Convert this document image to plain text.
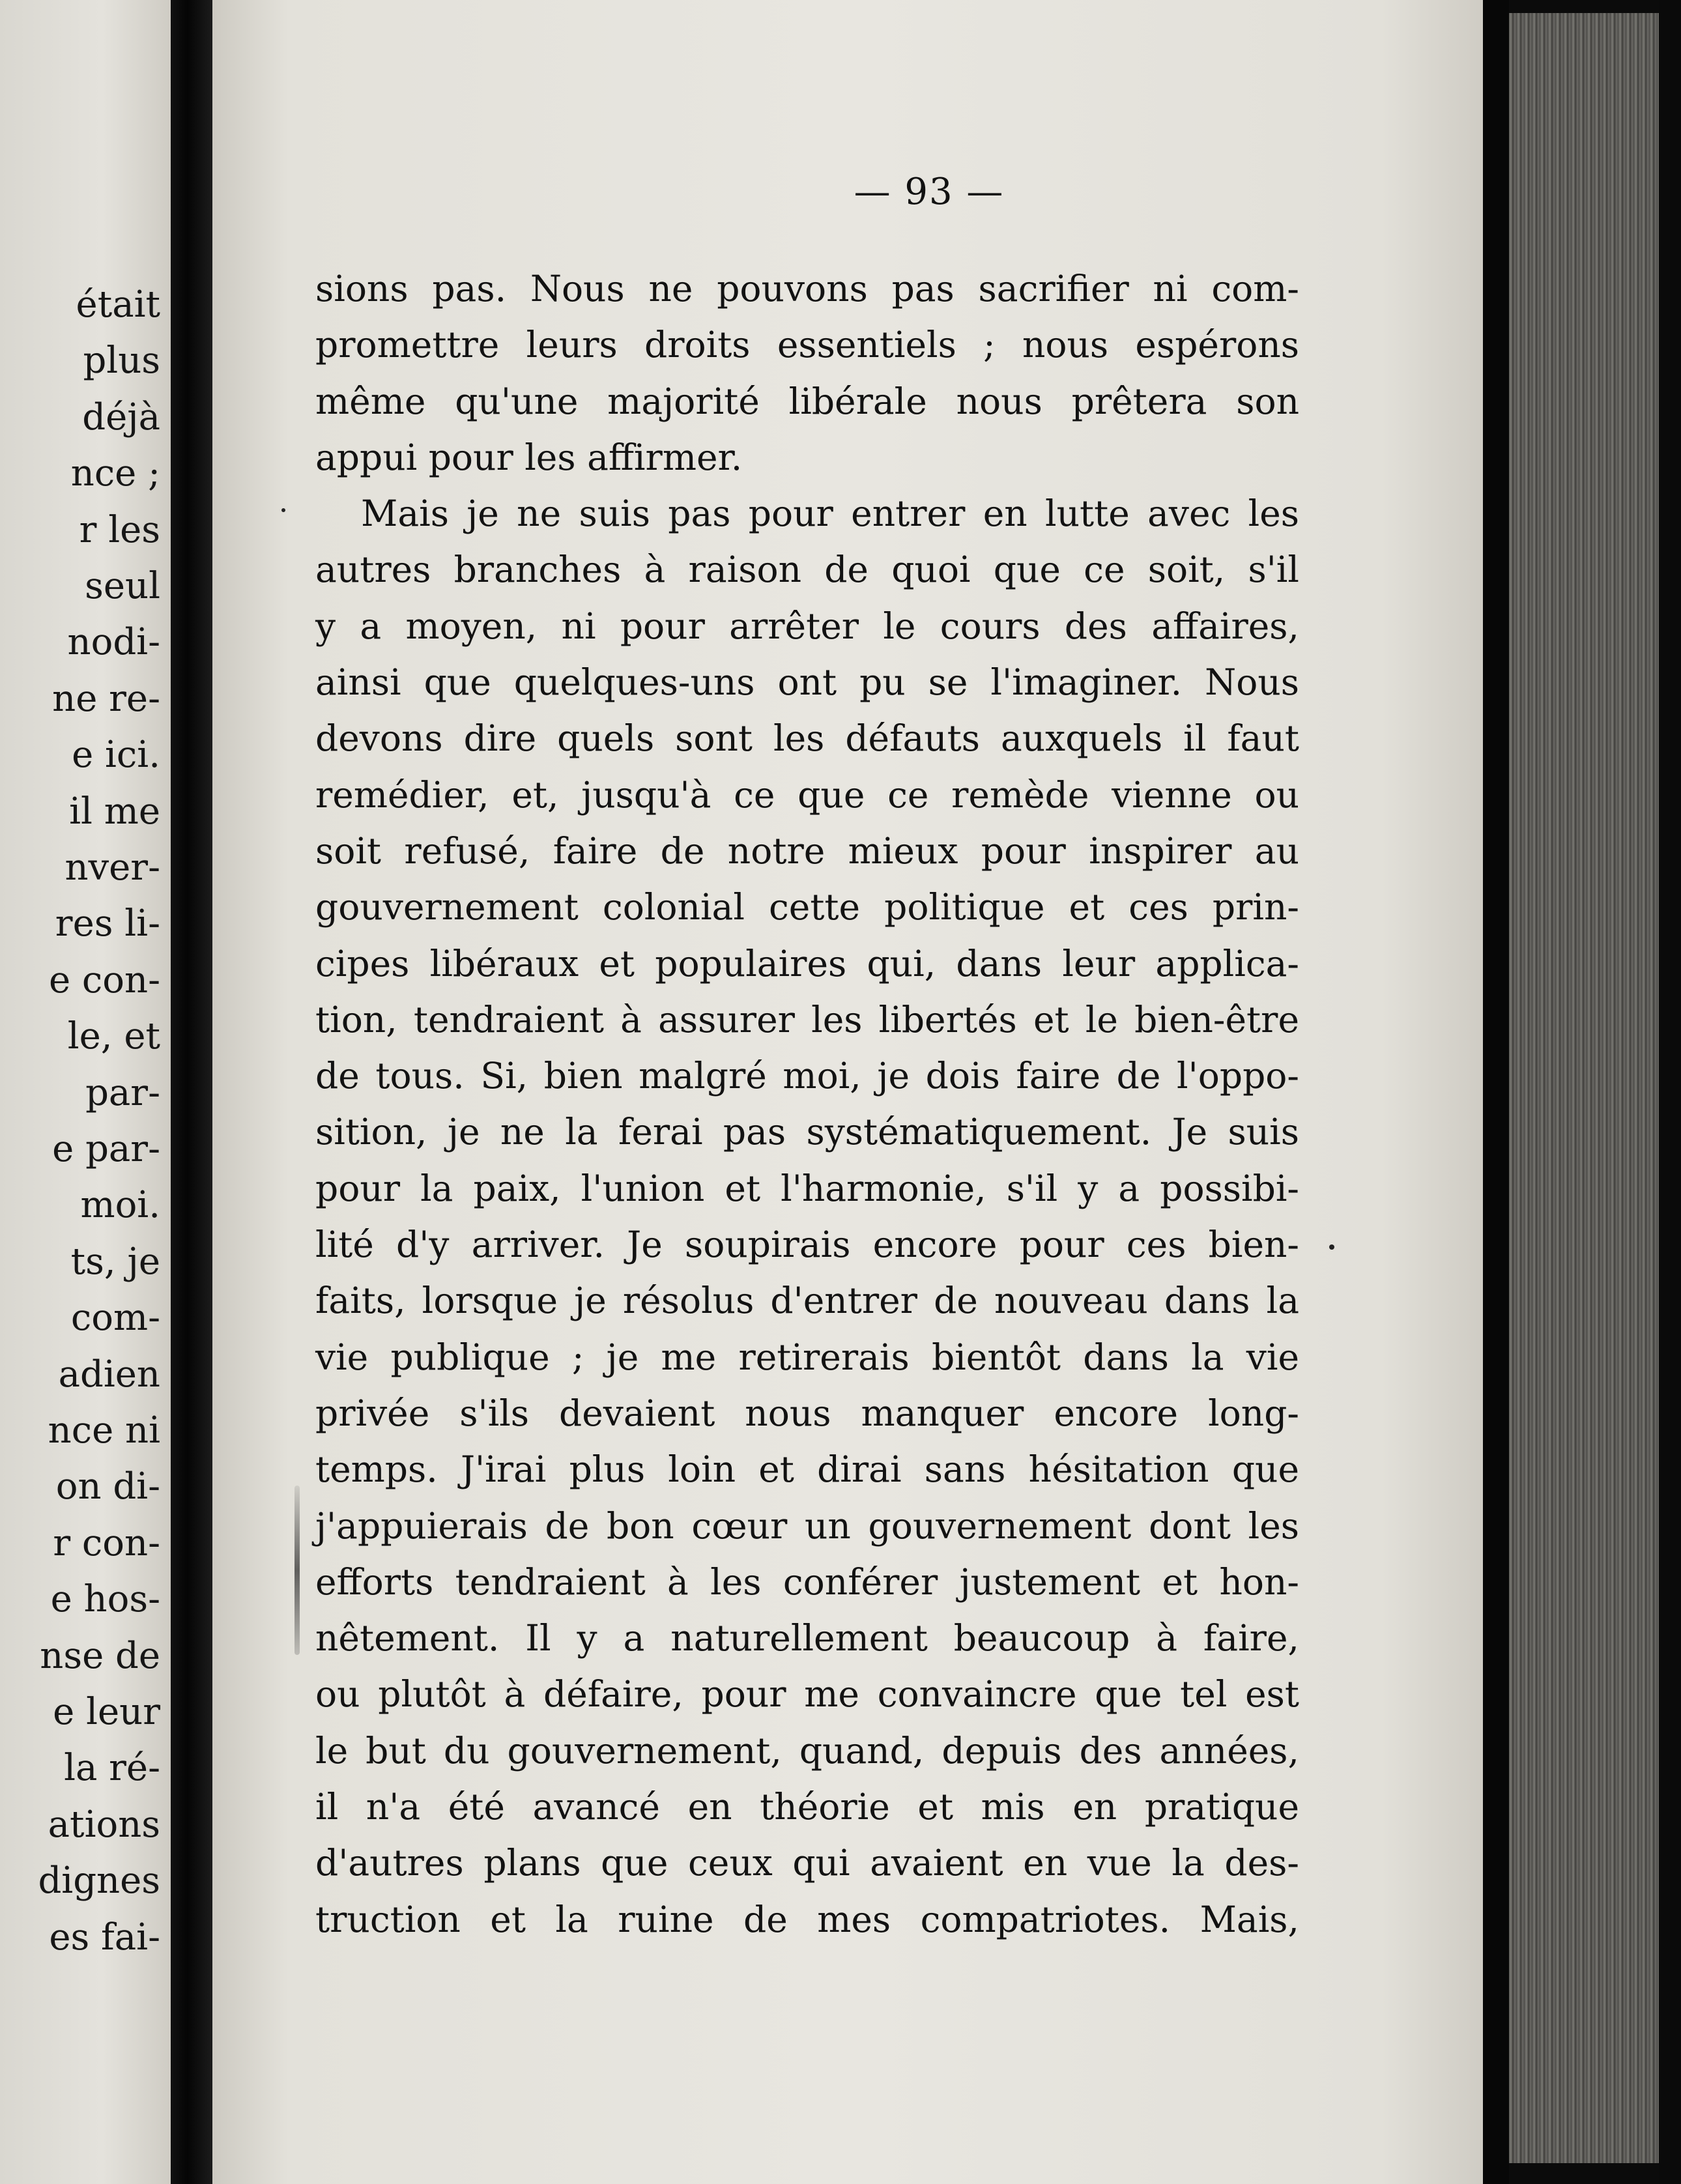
était
plus
déjà
nce ;
r les
seul
nodi-
ne re-
e ici.
il me
nver-
res li-
e con-
le, et
par-
e par-
moi.
ts, je
com-
adien
nce ni
on di-
r con-
e hos-
nse de
e leur
la ré-
ations
dignes
es fai-
— 93 —
sions pas. Nous ne pouvons pas sacrifier ni com-
promettre leurs droits essentiels ; nous espérons
même qu'une majorité libérale nous prêtera son
appui pour les affirmer.
Mais je ne suis pas pour entrer en lutte avec les
autres branches à raison de quoi que ce soit, s'il
y a moyen, ni pour arrêter le cours des affaires,
ainsi que quelques-uns ont pu se l'imaginer. Nous
devons dire quels sont les défauts auxquels il faut
remédier, et, jusqu'à ce que ce remède vienne ou
soit refusé, faire de notre mieux pour inspirer au
gouvernement colonial cette politique et ces prin-
cipes libéraux et populaires qui, dans leur applica-
tion, tendraient à assurer les libertés et le bien-être
de tous. Si, bien malgré moi, je dois faire de l'oppo-
sition, je ne la ferai pas systématiquement. Je suis
pour la paix, l'union et l'harmonie, s'il y a possibi-
lité d'y arriver. Je soupirais encore pour ces bien-
faits, lorsque je résolus d'entrer de nouveau dans la
vie publique ; je me retirerais bientôt dans la vie
privée s'ils devaient nous manquer encore long-
temps. J'irai plus loin et dirai sans hésitation que
j'appuierais de bon cœur un gouvernement dont les
efforts tendraient à les conférer justement et hon-
nêtement. Il y a naturellement beaucoup à faire,
ou plutôt à défaire, pour me convaincre que tel est
le but du gouvernement, quand, depuis des années,
il n'a été avancé en théorie et mis en pratique
d'autres plans que ceux qui avaient en vue la des-
truction et la ruine de mes compatriotes. Mais,
